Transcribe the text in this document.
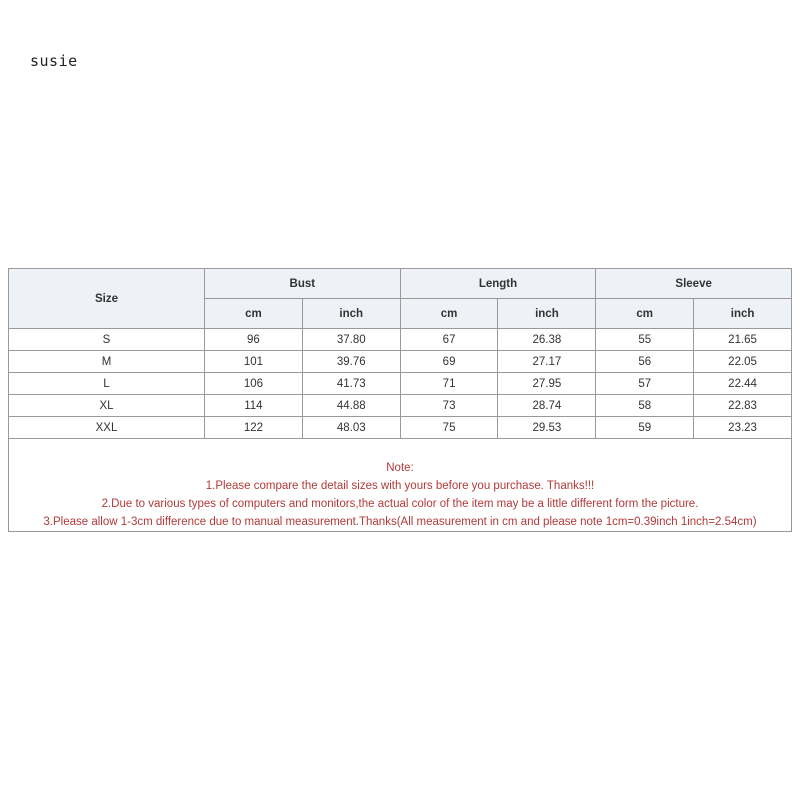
susie
Size	Bust		Length		Sleeve	
	cm	inch	cm	inch	cm	inch
S	96	37.80	67	26.38	55	21.65
M	101	39.76	69	27.17	56	22.05
L	106	41.73	71	27.95	57	22.44
XL	114	44.88	73	28.74	58	22.83
XXL	122	48.03	75	29.53	59	23.23

Note:
1.Please compare the detail sizes with yours before you purchase. Thanks!!!
2.Due to various types of computers and monitors,the actual color of the item may be a little different form the picture.
3.Please allow 1-3cm difference due to manual measurement.Thanks(All measurement in cm and please note 1cm=0.39inch 1inch=2.54cm)						
